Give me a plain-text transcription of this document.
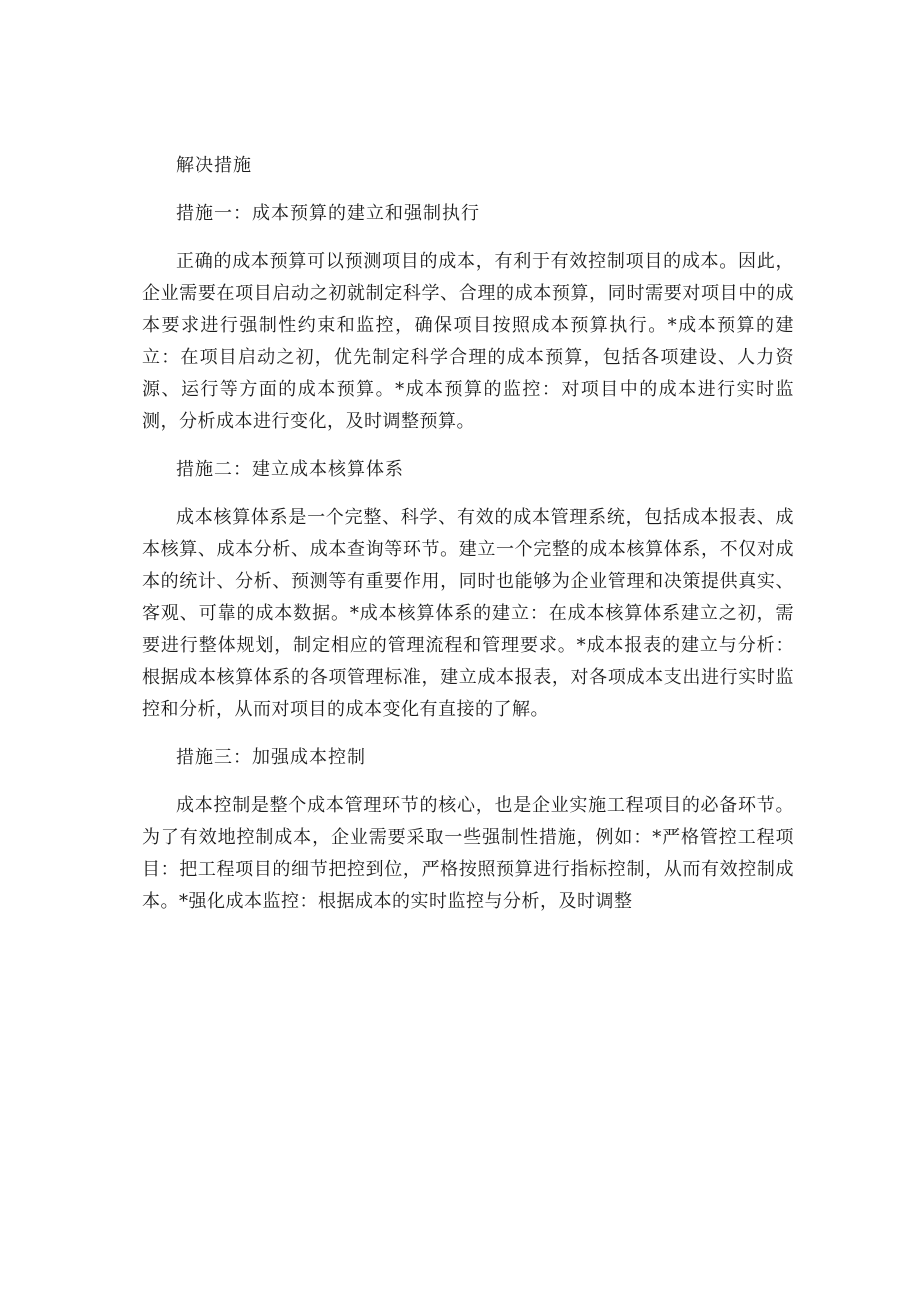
解决措施
措施一：成本预算的建立和强制执行

正确的成本预算可以预测项目的成本，有利于有效控制项目的成本。因此，企业需要在项目启动之初就制定科学、合理的成本预算，同时需要对项目中的成本要求进行强制性约束和监控，确保项目按照成本预算执行。*成本预算的建立：在项目启动之初，优先制定科学合理的成本预算，包括各项建设、人力资源、运行等方面的成本预算。*成本预算的监控：对项目中的成本进行实时监测，分析成本进行变化，及时调整预算。

措施二：建立成本核算体系

成本核算体系是一个完整、科学、有效的成本管理系统，包括成本报表、成本核算、成本分析、成本查询等环节。建立一个完整的成本核算体系，不仅对成本的统计、分析、预测等有重要作用，同时也能够为企业管理和决策提供真实、客观、可靠的成本数据。*成本核算体系的建立：在成本核算体系建立之初，需要进行整体规划，制定相应的管理流程和管理要求。*成本报表的建立与分析：根据成本核算体系的各项管理标准，建立成本报表，对各项成本支出进行实时监控和分析，从而对项目的成本变化有直接的了解。

措施三：加强成本控制

成本控制是整个成本管理环节的核心，也是企业实施工程项目的必备环节。为了有效地控制成本，企业需要采取一些强制性措施，例如：*严格管控工程项目：把工程项目的细节把控到位，严格按照预算进行指标控制，从而有效控制成本。*强化成本监控：根据成本的实时监控与分析，及时调整
